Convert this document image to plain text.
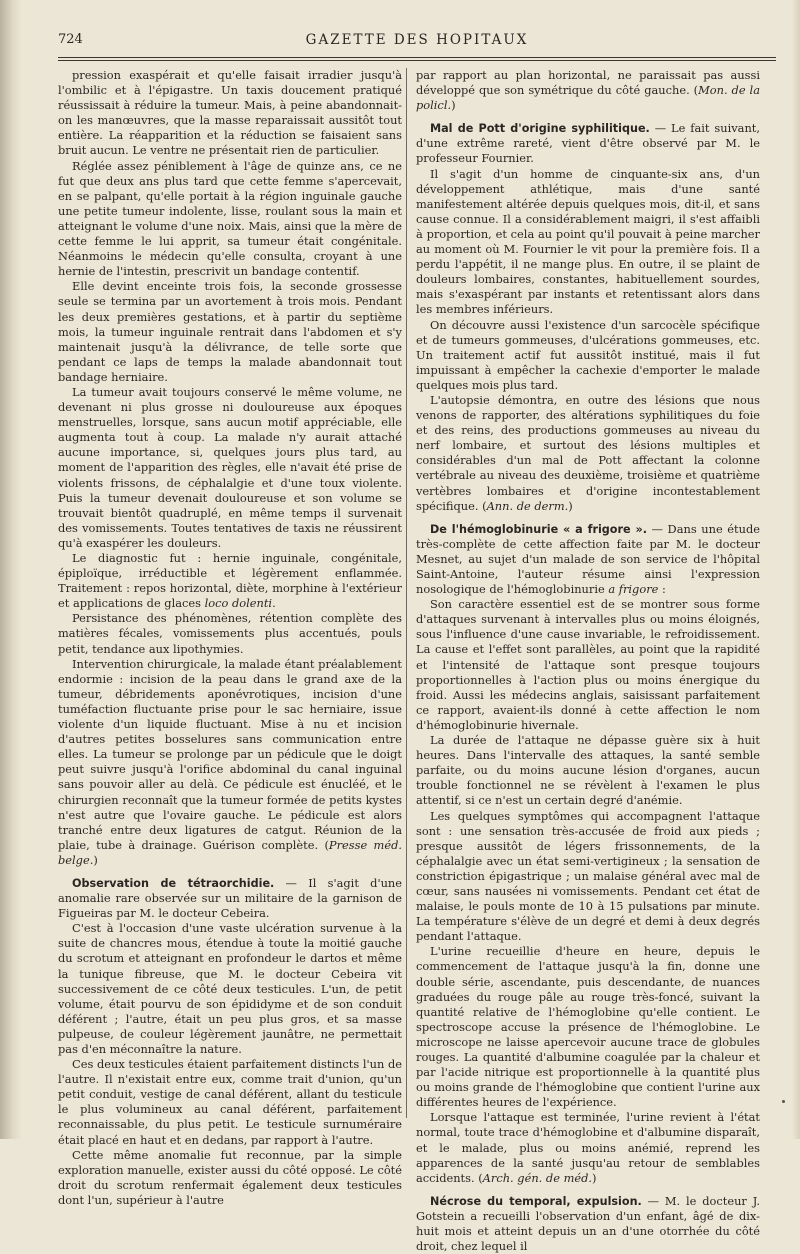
724	GAZETTE DES HOPITAUX

pression exaspérait et qu'elle faisait irradier jusqu'à l'ombilic et à l'épigastre. Un taxis doucement pratiqué réussissait à réduire la tumeur. Mais, à peine abandonnait-on les manœuvres, que la masse reparaissait aussitôt tout entière. La réapparition et la réduction se faisaient sans bruit aucun. Le ventre ne présentait rien de particulier.

Réglée assez péniblement à l'âge de quinze ans, ce ne fut que deux ans plus tard que cette femme s'apercevait, en se palpant, qu'elle portait à la région inguinale gauche une petite tumeur indolente, lisse, roulant sous la main et atteignant le volume d'une noix. Mais, ainsi que la mère de cette femme le lui apprit, sa tumeur était congénitale. Néanmoins le médecin qu'elle consulta, croyant à une hernie de l'intestin, prescrivit un bandage contentif.

Elle devint enceinte trois fois, la seconde grossesse seule se termina par un avortement à trois mois. Pendant les deux premières gestations, et à partir du septième mois, la tumeur inguinale rentrait dans l'abdomen et s'y maintenait jusqu'à la délivrance, de telle sorte que pendant ce laps de temps la malade abandonnait tout bandage herniaire.

La tumeur avait toujours conservé le même volume, ne devenant ni plus grosse ni douloureuse aux époques menstruelles, lorsque, sans aucun motif appréciable, elle augmenta tout à coup. La malade n'y aurait attaché aucune importance, si, quelques jours plus tard, au moment de l'apparition des règles, elle n'avait été prise de violents frissons, de céphalalgie et d'une toux violente. Puis la tumeur devenait douloureuse et son volume se trouvait bientôt quadruplé, en même temps il survenait des vomissements. Toutes tentatives de taxis ne réussirent qu'à exaspérer les douleurs.

Le diagnostic fut : hernie inguinale, congénitale, épiploïque, irréductible et légèrement enflammée. Traitement : repos horizontal, diète, morphine à l'extérieur et applications de glaces loco dolenti.

Persistance des phénomènes, rétention complète des matières fécales, vomissements plus accentués, pouls petit, tendance aux lipothymies.

Intervention chirurgicale, la malade étant préalablement endormie : incision de la peau dans le grand axe de la tumeur, débridements aponévrotiques, incision d'une tuméfaction fluctuante prise pour le sac herniaire, issue violente d'un liquide fluctuant. Mise à nu et incision d'autres petites bosselures sans communication entre elles. La tumeur se prolonge par un pédicule que le doigt peut suivre jusqu'à l'orifice abdominal du canal inguinal sans pouvoir aller au delà. Ce pédicule est énucléé, et le chirurgien reconnaît que la tumeur formée de petits kystes n'est autre que l'ovaire gauche. Le pédicule est alors tranché entre deux ligatures de catgut. Réunion de la plaie, tube à drainage. Guérison complète. (Presse méd. belge.)

Observation de tétraorchidie. — Il s'agit d'une anomalie rare observée sur un militaire de la garnison de Figueiras par M. le docteur Cebeira.

C'est à l'occasion d'une vaste ulcération survenue à la suite de chancres mous, étendue à toute la moitié gauche du scrotum et atteignant en profondeur le dartos et même la tunique fibreuse, que M. le docteur Cebeira vit successivement de ce côté deux testicules. L'un, de petit volume, était pourvu de son épididyme et de son conduit déférent ; l'autre, était un peu plus gros, et sa masse pulpeuse, de couleur légèrement jaunâtre, ne permettait pas d'en méconnaître la nature.

Ces deux testicules étaient parfaitement distincts l'un de l'autre. Il n'existait entre eux, comme trait d'union, qu'un petit conduit, vestige de canal déférent, allant du testicule le plus volumineux au canal déférent, parfaitement reconnaissable, du plus petit. Le testicule surnuméraire était placé en haut et en dedans, par rapport à l'autre.

Cette même anomalie fut reconnue, par la simple exploration manuelle, exister aussi du côté opposé. Le côté droit du scrotum renfermait également deux testicules dont l'un, supérieur à l'autre

par rapport au plan horizontal, ne paraissait pas aussi développé que son symétrique du côté gauche. (Mon. de la policl.)

Mal de Pott d'origine syphilitique. — Le fait suivant, d'une extrême rareté, vient d'être observé par M. le professeur Fournier.

Il s'agit d'un homme de cinquante-six ans, d'un développement athlétique, mais d'une santé manifestement altérée depuis quelques mois, dit-il, et sans cause connue. Il a considérablement maigri, il s'est affaibli à proportion, et cela au point qu'il pouvait à peine marcher au moment où M. Fournier le vit pour la première fois. Il a perdu l'appétit, il ne mange plus. En outre, il se plaint de douleurs lombaires, constantes, habituellement sourdes, mais s'exaspérant par instants et retentissant alors dans les membres inférieurs.

On découvre aussi l'existence d'un sarcocèle spécifique et de tumeurs gommeuses, d'ulcérations gommeuses, etc. Un traitement actif fut aussitôt institué, mais il fut impuissant à empêcher la cachexie d'emporter le malade quelques mois plus tard.

L'autopsie démontra, en outre des lésions que nous venons de rapporter, des altérations syphilitiques du foie et des reins, des productions gommeuses au niveau du nerf lombaire, et surtout des lésions multiples et considérables d'un mal de Pott affectant la colonne vertébrale au niveau des deuxième, troisième et quatrième vertèbres lombaires et d'origine incontestablement spécifique. (Ann. de derm.)

De l'hémoglobinurie « a frigore ». — Dans une étude très-complète de cette affection faite par M. le docteur Mesnet, au sujet d'un malade de son service de l'hôpital Saint-Antoine, l'auteur résume ainsi l'expression nosologique de l'hémoglobinurie a frigore :

Son caractère essentiel est de se montrer sous forme d'attaques survenant à intervalles plus ou moins éloignés, sous l'influence d'une cause invariable, le refroidissement. La cause et l'effet sont parallèles, au point que la rapidité et l'intensité de l'attaque sont presque toujours proportionnelles à l'action plus ou moins énergique du froid. Aussi les médecins anglais, saisissant parfaitement ce rapport, avaient-ils donné à cette affection le nom d'hémoglobinurie hivernale.

La durée de l'attaque ne dépasse guère six à huit heures. Dans l'intervalle des attaques, la santé semble parfaite, ou du moins aucune lésion d'organes, aucun trouble fonctionnel ne se révèlent à l'examen le plus attentif, si ce n'est un certain degré d'anémie.

Les quelques symptômes qui accompagnent l'attaque sont : une sensation très-accusée de froid aux pieds ; presque aussitôt de légers frissonnements, de la céphalalgie avec un état semi-vertigineux ; la sensation de constriction épigastrique ; un malaise général avec mal de cœur, sans nausées ni vomissements. Pendant cet état de malaise, le pouls monte de 10 à 15 pulsations par minute. La température s'élève de un degré et demi à deux degrés pendant l'attaque.

L'urine recueillie d'heure en heure, depuis le commencement de l'attaque jusqu'à la fin, donne une double série, ascendante, puis descendante, de nuances graduées du rouge pâle au rouge très-foncé, suivant la quantité relative de l'hémoglobine qu'elle contient. Le spectroscope accuse la présence de l'hémoglobine. Le microscope ne laisse apercevoir aucune trace de globules rouges. La quantité d'albumine coagulée par la chaleur et par l'acide nitrique est proportionnelle à la quantité plus ou moins grande de l'hémoglobine que contient l'urine aux différentes heures de l'expérience.

Lorsque l'attaque est terminée, l'urine revient à l'état normal, toute trace d'hémoglobine et d'albumine disparaît, et le malade, plus ou moins anémié, reprend les apparences de la santé jusqu'au retour de semblables accidents. (Arch. gén. de méd.)

Nécrose du temporal, expulsion. — M. le docteur J. Gotstein a recueilli l'observation d'un enfant, âgé de dix-huit mois et atteint depuis un an d'une otorrhée du côté droit, chez lequel il
